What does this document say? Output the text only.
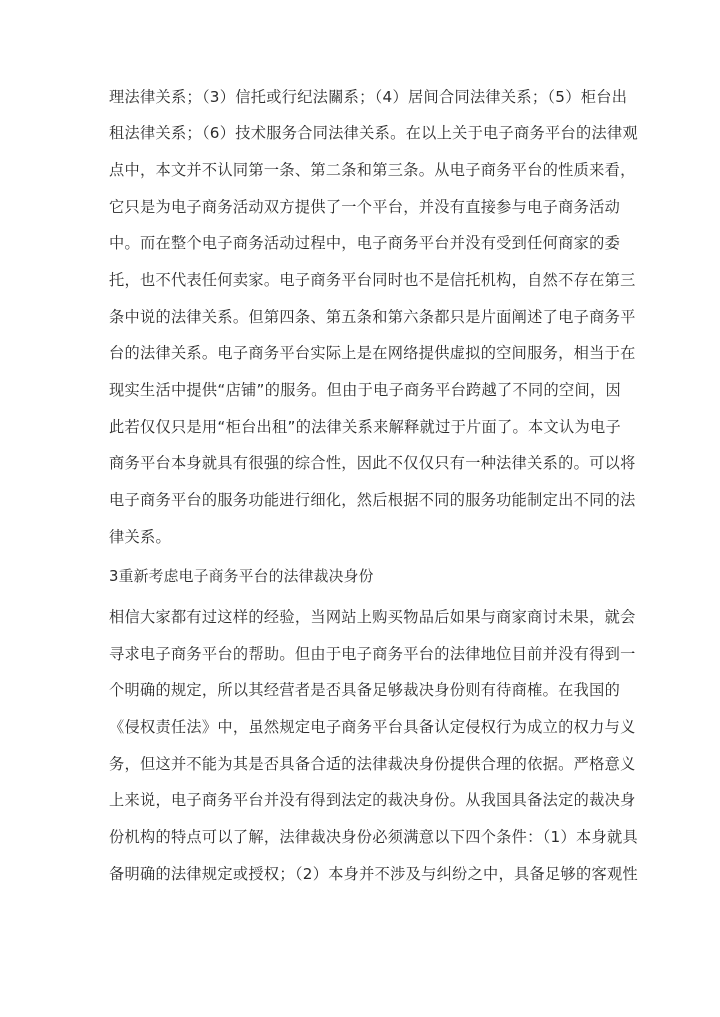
理法律关系；（3）信托或行纪法關系；（4）居间合同法律关系；（5）柜台出
租法律关系；（6）技术服务合同法律关系。在以上关于电子商务平台的法律观
点中，本文并不认同第一条、第二条和第三条。从电子商务平台的性质来看，
它只是为电子商务活动双方提供了一个平台，并没有直接参与电子商务活动
中。而在整个电子商务活动过程中，电子商务平台并没有受到任何商家的委
托，也不代表任何卖家。电子商务平台同时也不是信托机构，自然不存在第三
条中说的法律关系。但第四条、第五条和第六条都只是片面阐述了电子商务平
台的法律关系。电子商务平台实际上是在网络提供虚拟的空间服务，相当于在
现实生活中提供“店铺”的服务。但由于电子商务平台跨越了不同的空间，因
此若仅仅只是用“柜台出租”的法律关系来解释就过于片面了。本文认为电子
商务平台本身就具有很强的综合性，因此不仅仅只有一种法律关系的。可以将
电子商务平台的服务功能进行细化，然后根据不同的服务功能制定出不同的法
律关系。
3重新考虑电子商务平台的法律裁决身份
相信大家都有过这样的经验，当网站上购买物品后如果与商家商讨未果，就会
寻求电子商务平台的帮助。但由于电子商务平台的法律地位目前并没有得到一
个明确的规定，所以其经营者是否具备足够裁决身份则有待商榷。在我国的
《侵权责任法》中，虽然规定电子商务平台具备认定侵权行为成立的权力与义
务，但这并不能为其是否具备合适的法律裁决身份提供合理的依据。严格意义
上来说，电子商务平台并没有得到法定的裁决身份。从我国具备法定的裁决身
份机构的特点可以了解，法律裁决身份必须满意以下四个条件：（1）本身就具
备明确的法律规定或授权；（2）本身并不涉及与纠纷之中，具备足够的客观性
